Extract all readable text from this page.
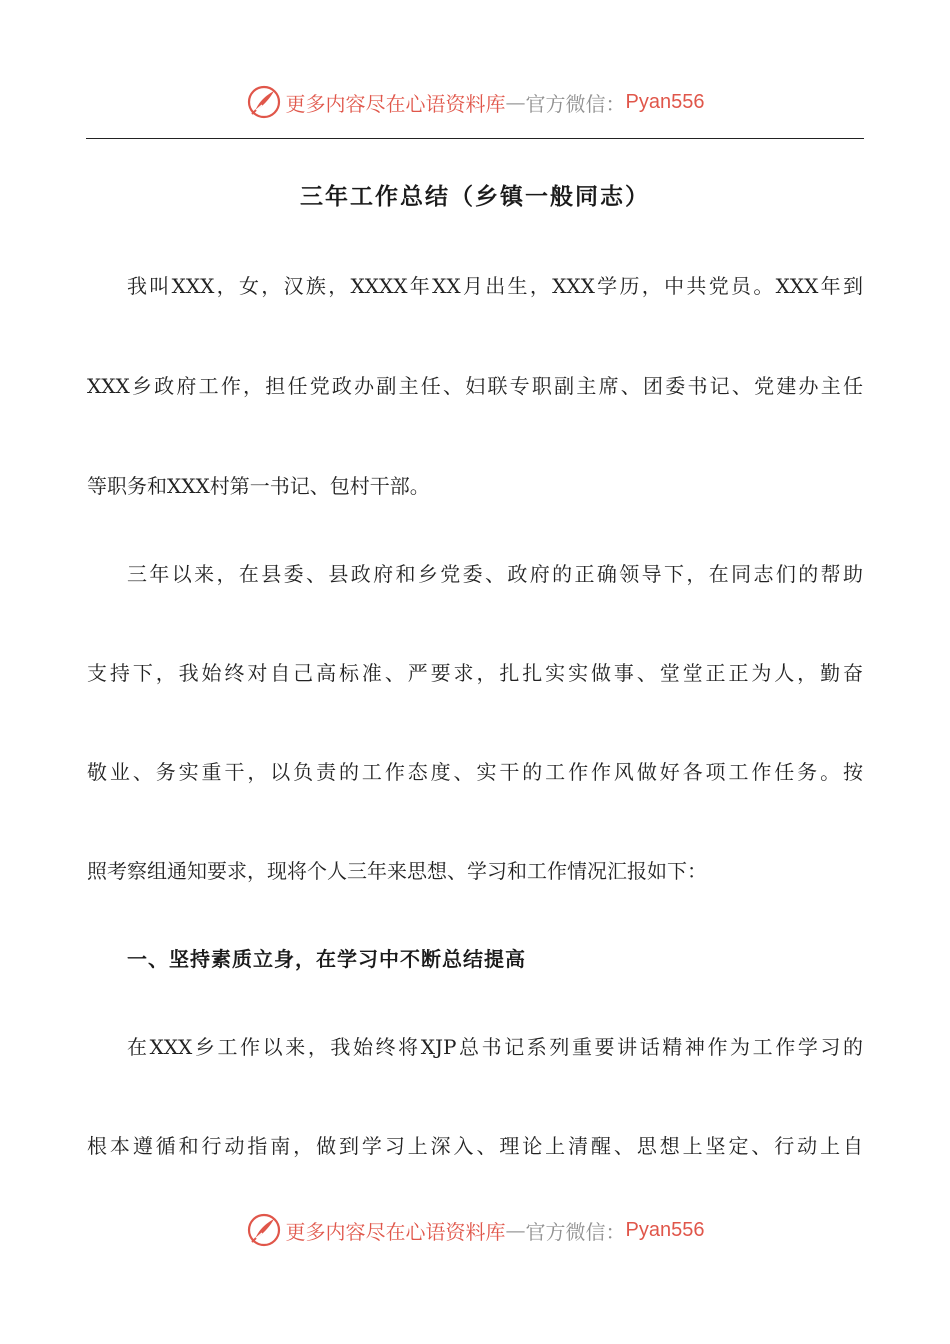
更多内容尽在心语资料库 — 官方微信： Pyan556
三年工作总结（乡镇一般同志）
我叫XXX，女，汉族，XXXX年XX月出生，XXX学历，中共党员。XXX年到
XXX乡政府工作，担任党政办副主任、妇联专职副主席、团委书记、党建办主任
等职务和XXX村第一书记、包村干部。
三年以来，在县委、县政府和乡党委、政府的正确领导下，在同志们的帮助
支持下，我始终对自己高标准、严要求，扎扎实实做事、堂堂正正为人，勤奋
敬业、务实重干，以负责的工作态度、实干的工作作风做好各项工作任务。按
照考察组通知要求，现将个人三年来思想、学习和工作情况汇报如下：
一、坚持素质立身，在学习中不断总结提高
在XXX乡工作以来，我始终将XJP总书记系列重要讲话精神作为工作学习的
根本遵循和行动指南，做到学习上深入、理论上清醒、思想上坚定、行动上自
更多内容尽在心语资料库 — 官方微信： Pyan556
